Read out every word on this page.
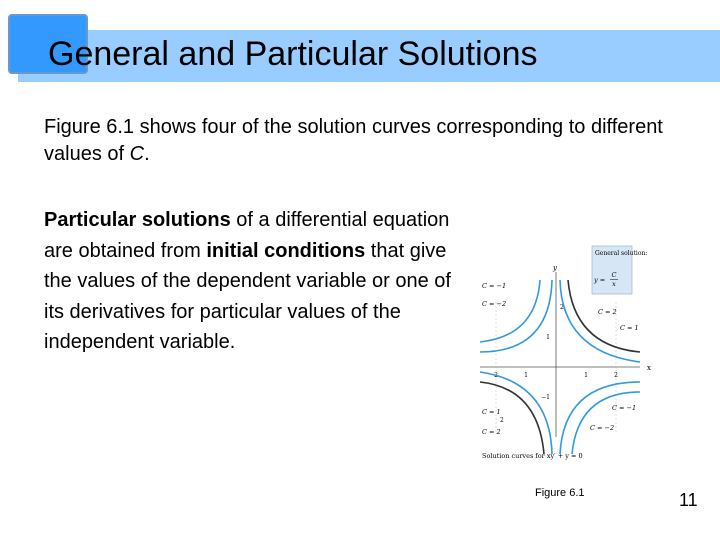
General and Particular Solutions
Figure 6.1 shows four of the solution curves corresponding to different values of C.
Particular solutions of a differential equation are obtained from initial conditions that give the values of the dependent variable or one of its derivatives for particular values of the independent variable.
x
y
2	1	1	2
1
−1
2
2
C = −1
C = −2
C = 2
C = 1
C = 1
C = 2
C = −1
C = −2
General solution:
y =
C
x
Solution curves for xy′ + y = 0
Figure 6.1	11
